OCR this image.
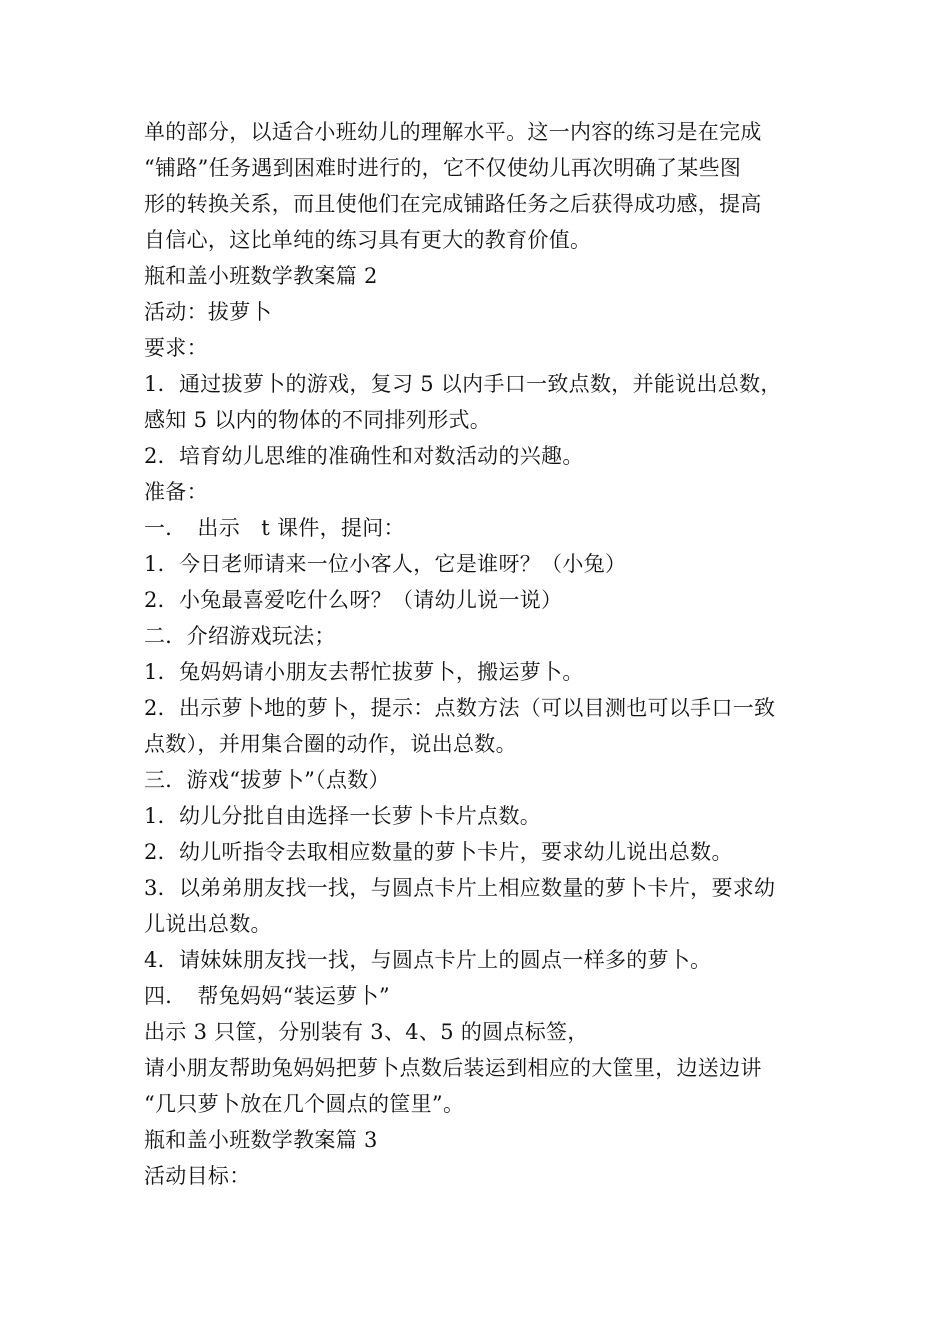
单的部分，以适合小班幼儿的理解水平。这一内容的练习是在完成
“铺路”任务遇到困难时进行的，它不仅使幼儿再次明确了某些图
形的转换关系，而且使他们在完成铺路任务之后获得成功感，提高
自信心，这比单纯的练习具有更大的教育价值。
瓶和盖小班数学教案篇 2
活动：拔萝卜
要求：
1．通过拔萝卜的游戏，复习 5 以内手口一致点数，并能说出总数，
感知 5 以内的物体的不同排列形式。
2．培育幼儿思维的准确性和对数活动的兴趣。
准备：
一．　出示　t 课件，提问：
1．今日老师请来一位小客人，它是谁呀？（小兔）
2．小兔最喜爱吃什么呀？（请幼儿说一说）
二．介绍游戏玩法；
1．兔妈妈请小朋友去帮忙拔萝卜，搬运萝卜。
2．出示萝卜地的萝卜，提示：点数方法（可以目测也可以手口一致
点数），并用集合圈的动作，说出总数。
三．游戏“拔萝卜”（点数）
1．幼儿分批自由选择一长萝卜卡片点数。
2．幼儿听指令去取相应数量的萝卜卡片，要求幼儿说出总数。
3．以弟弟朋友找一找，与圆点卡片上相应数量的萝卜卡片，要求幼
儿说出总数。
4．请妹妹朋友找一找，与圆点卡片上的圆点一样多的萝卜。
四．　帮兔妈妈“装运萝卜”
出示 3 只筐，分别装有 3、4、5 的圆点标签，
请小朋友帮助兔妈妈把萝卜点数后装运到相应的大筐里，边送边讲
“几只萝卜放在几个圆点的筐里”。
瓶和盖小班数学教案篇 3
活动目标：
